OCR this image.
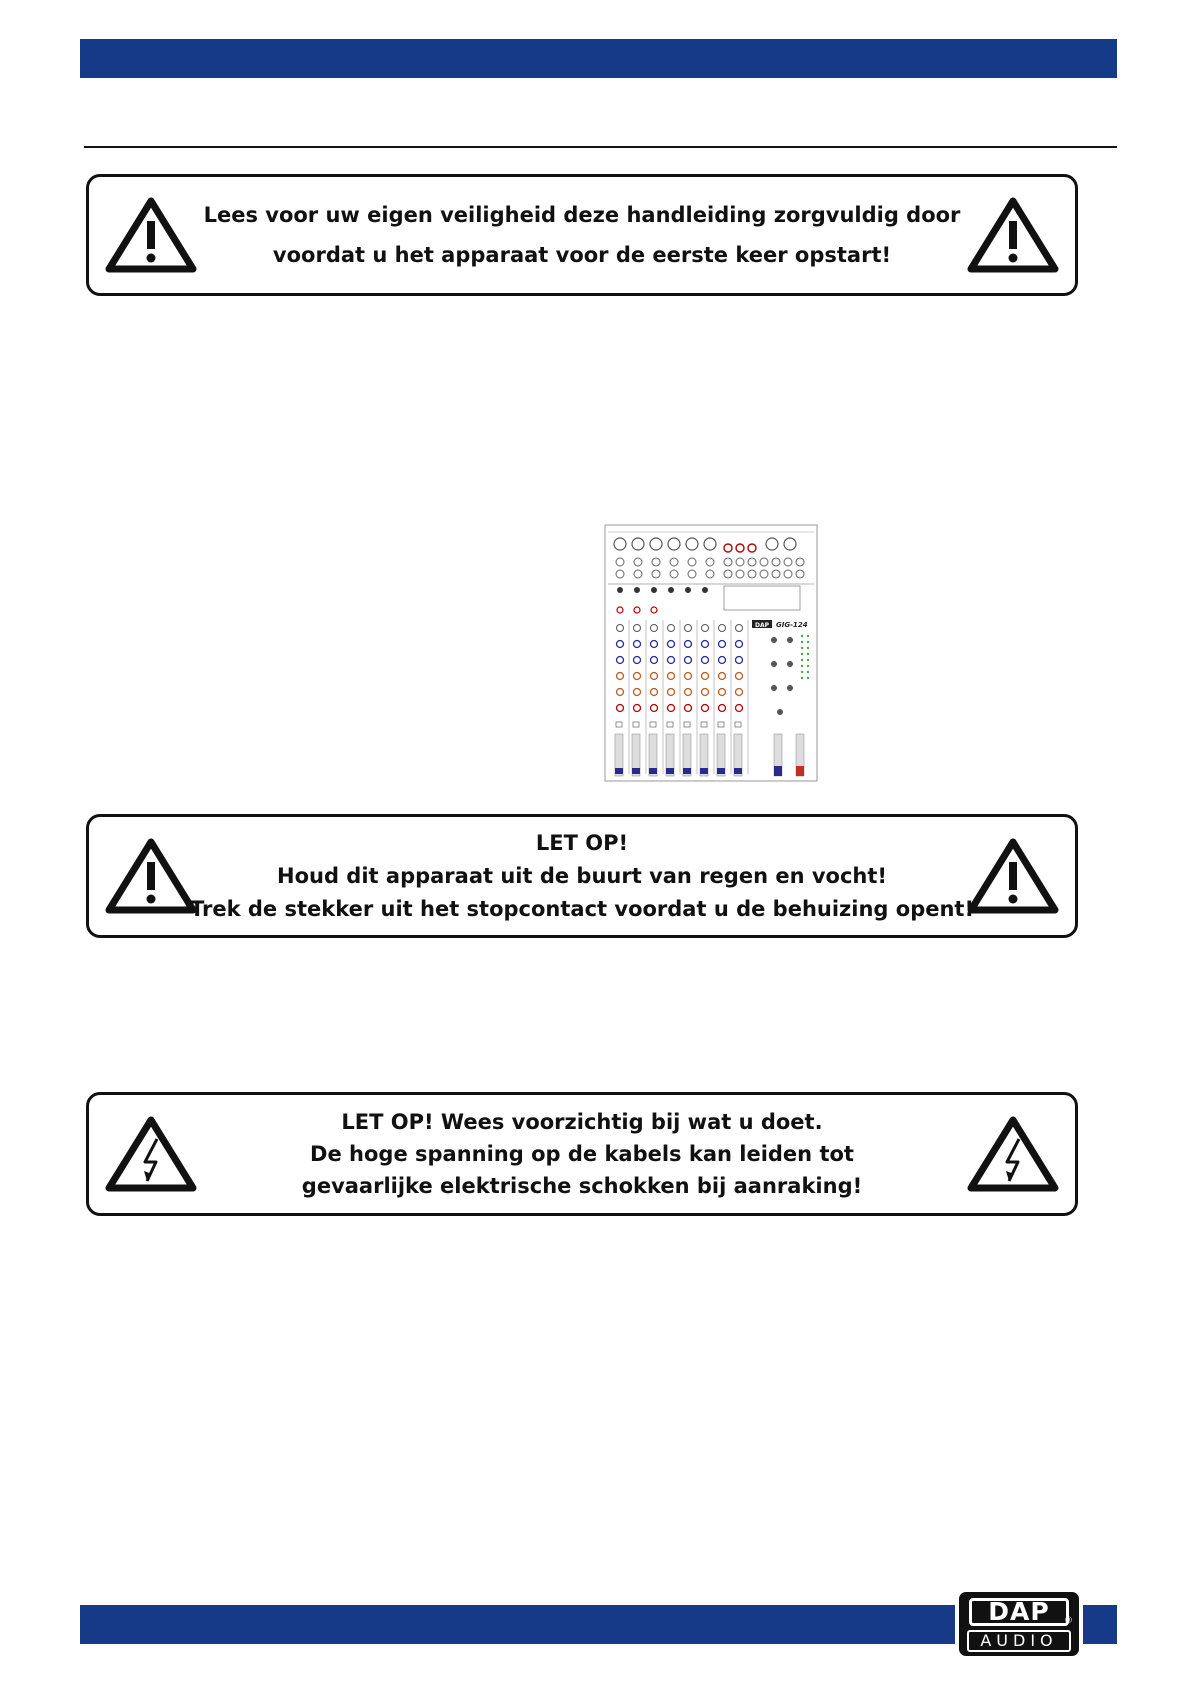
Lees voor uw eigen veiligheid deze handleiding zorgvuldig door
voordat u het apparaat voor de eerste keer opstart!
DAP GIG-124
LET OP!
Houd dit apparaat uit de buurt van regen en vocht!
Trek de stekker uit het stopcontact voordat u de behuizing opent!
LET OP! Wees voorzichtig bij wat u doet.
De hoge spanning op de kabels kan leiden tot
gevaarlijke elektrische schokken bij aanraking!
DAP	®
AUDIO
